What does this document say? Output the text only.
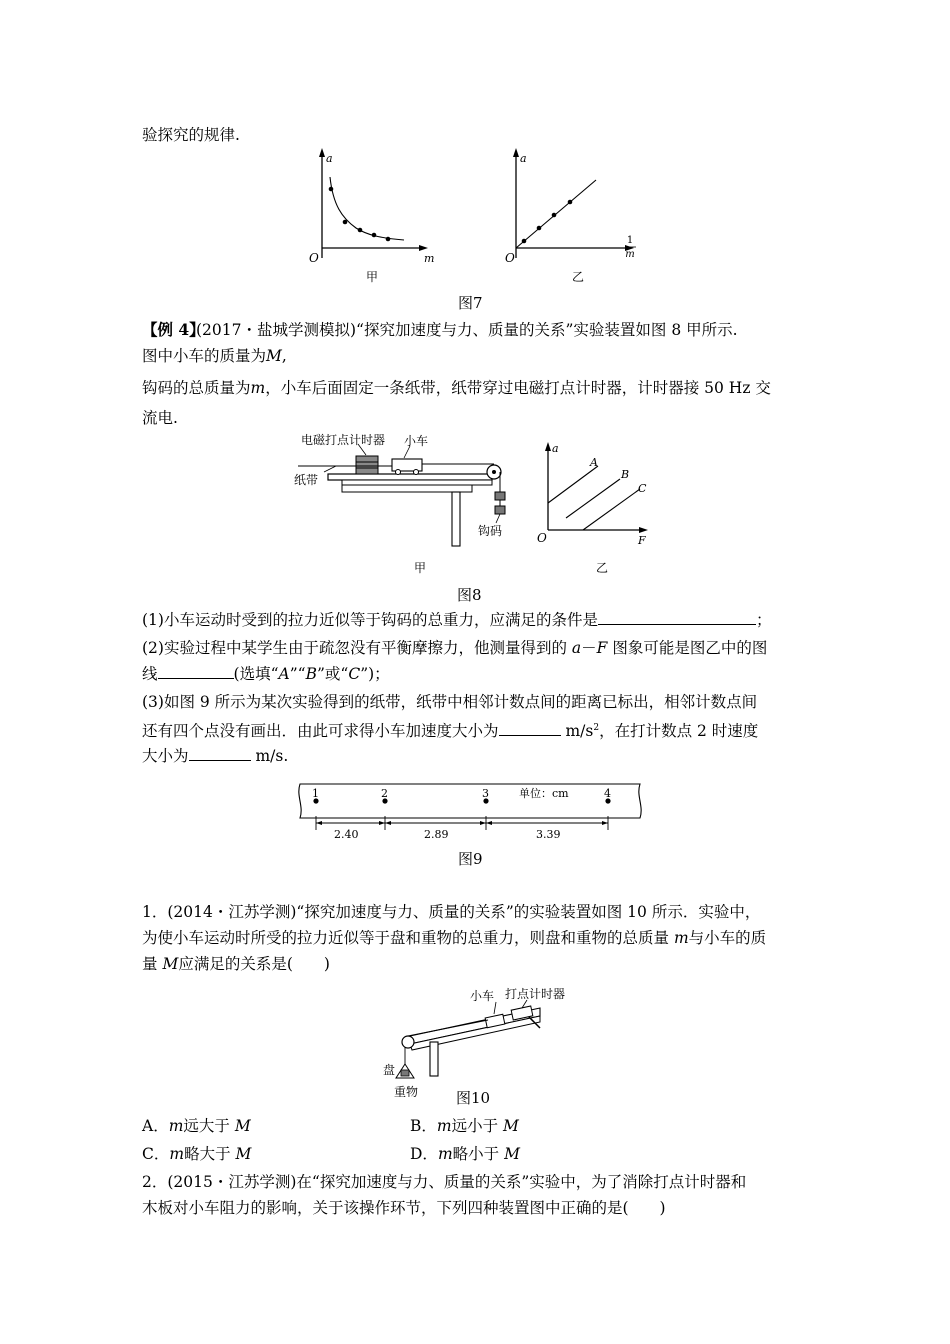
验探究的规律.
a
m
O
甲
a
1
m
O
乙
图7
【例 4】
(2017・盐城学测模拟)“探究加速度与力、质量的关系”实验装置如图 8 甲所示.
图中小车的质量为M,
钩码的总质量为m，小车后面固定一条纸带，纸带穿过电磁打点计时器，计时器接 50 Hz 交
流电.
电磁打点计时器 小车
纸带
钩码
甲
a
F
O
A
B
C
乙
图8
(1)小车运动时受到的拉力近似等于钩码的总重力，应满足的条件是	；
(2)实验过程中某学生由于疏忽没有平衡摩擦力，他测量得到的 a－F 图象可能是图乙中的图
线	(选填“A”“B”或“C”)；
(3)如图 9 所示为某次实验得到的纸带，纸带中相邻计数点间的距离已标出，相邻计数点间
还有四个点没有画出．由此可求得小车加速度大小为	$m/s^2$，在打计数点 2 时速度
大小为	m/s.
1	2	3	4
单位：cm
2.40	2.89	3.39
图9
1．(2014・江苏学测)“探究加速度与力、质量的关系”的实验装置如图 10 所示．实验中，
为使小车运动时所受的拉力近似等于盘和重物的总重力，则盘和重物的总质量 m与小车的质
量 M应满足的关系是(　　)
小车 打点计时器
盘
重物	图10
A．m远大于 M	B．m远小于 M
C．m略大于 M	D．m略小于 M
2．(2015・江苏学测)在“探究加速度与力、质量的关系”实验中，为了消除打点计时器和
木板对小车阻力的影响，关于该操作环节，下列四种装置图中正确的是(　　)
